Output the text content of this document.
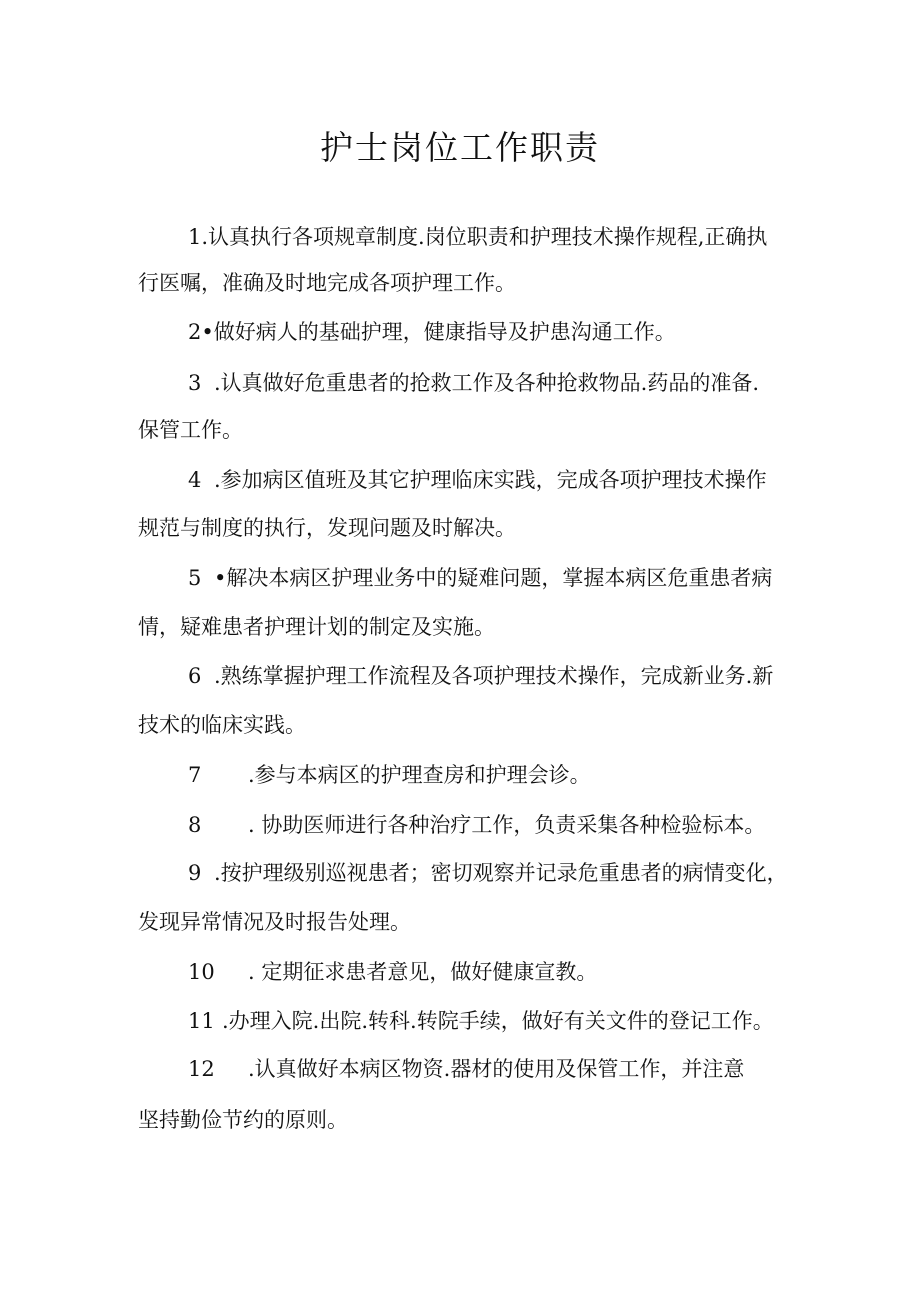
护士岗位工作职责

1.认真执行各项规章制度.岗位职责和护理技术操作规程,正确执

行医嘱，准确及时地完成各项护理工作。

2•做好病人的基础护理，健康指导及护患沟通工作。

3 .认真做好危重患者的抢救工作及各种抢救物品.药品的准备.

保管工作。

4 .参加病区值班及其它护理临床实践，完成各项护理技术操作

规范与制度的执行，发现问题及时解决。

5 •解决本病区护理业务中的疑难问题，掌握本病区危重患者病

情，疑难患者护理计划的制定及实施。

6 .熟练掌握护理工作流程及各项护理技术操作，完成新业务.新

技术的临床实践。

7 .参与本病区的护理查房和护理会诊。

8 . 协助医师进行各种治疗工作，负责采集各种检验标本。

9 .按护理级别巡视患者；密切观察并记录危重患者的病情变化，

发现异常情况及时报告处理。

10 . 定期征求患者意见，做好健康宣教。

11 .办理入院.出院.转科.转院手续，做好有关文件的登记工作。

12 .认真做好本病区物资.器材的使用及保管工作，并注意

坚持勤俭节约的原则。
